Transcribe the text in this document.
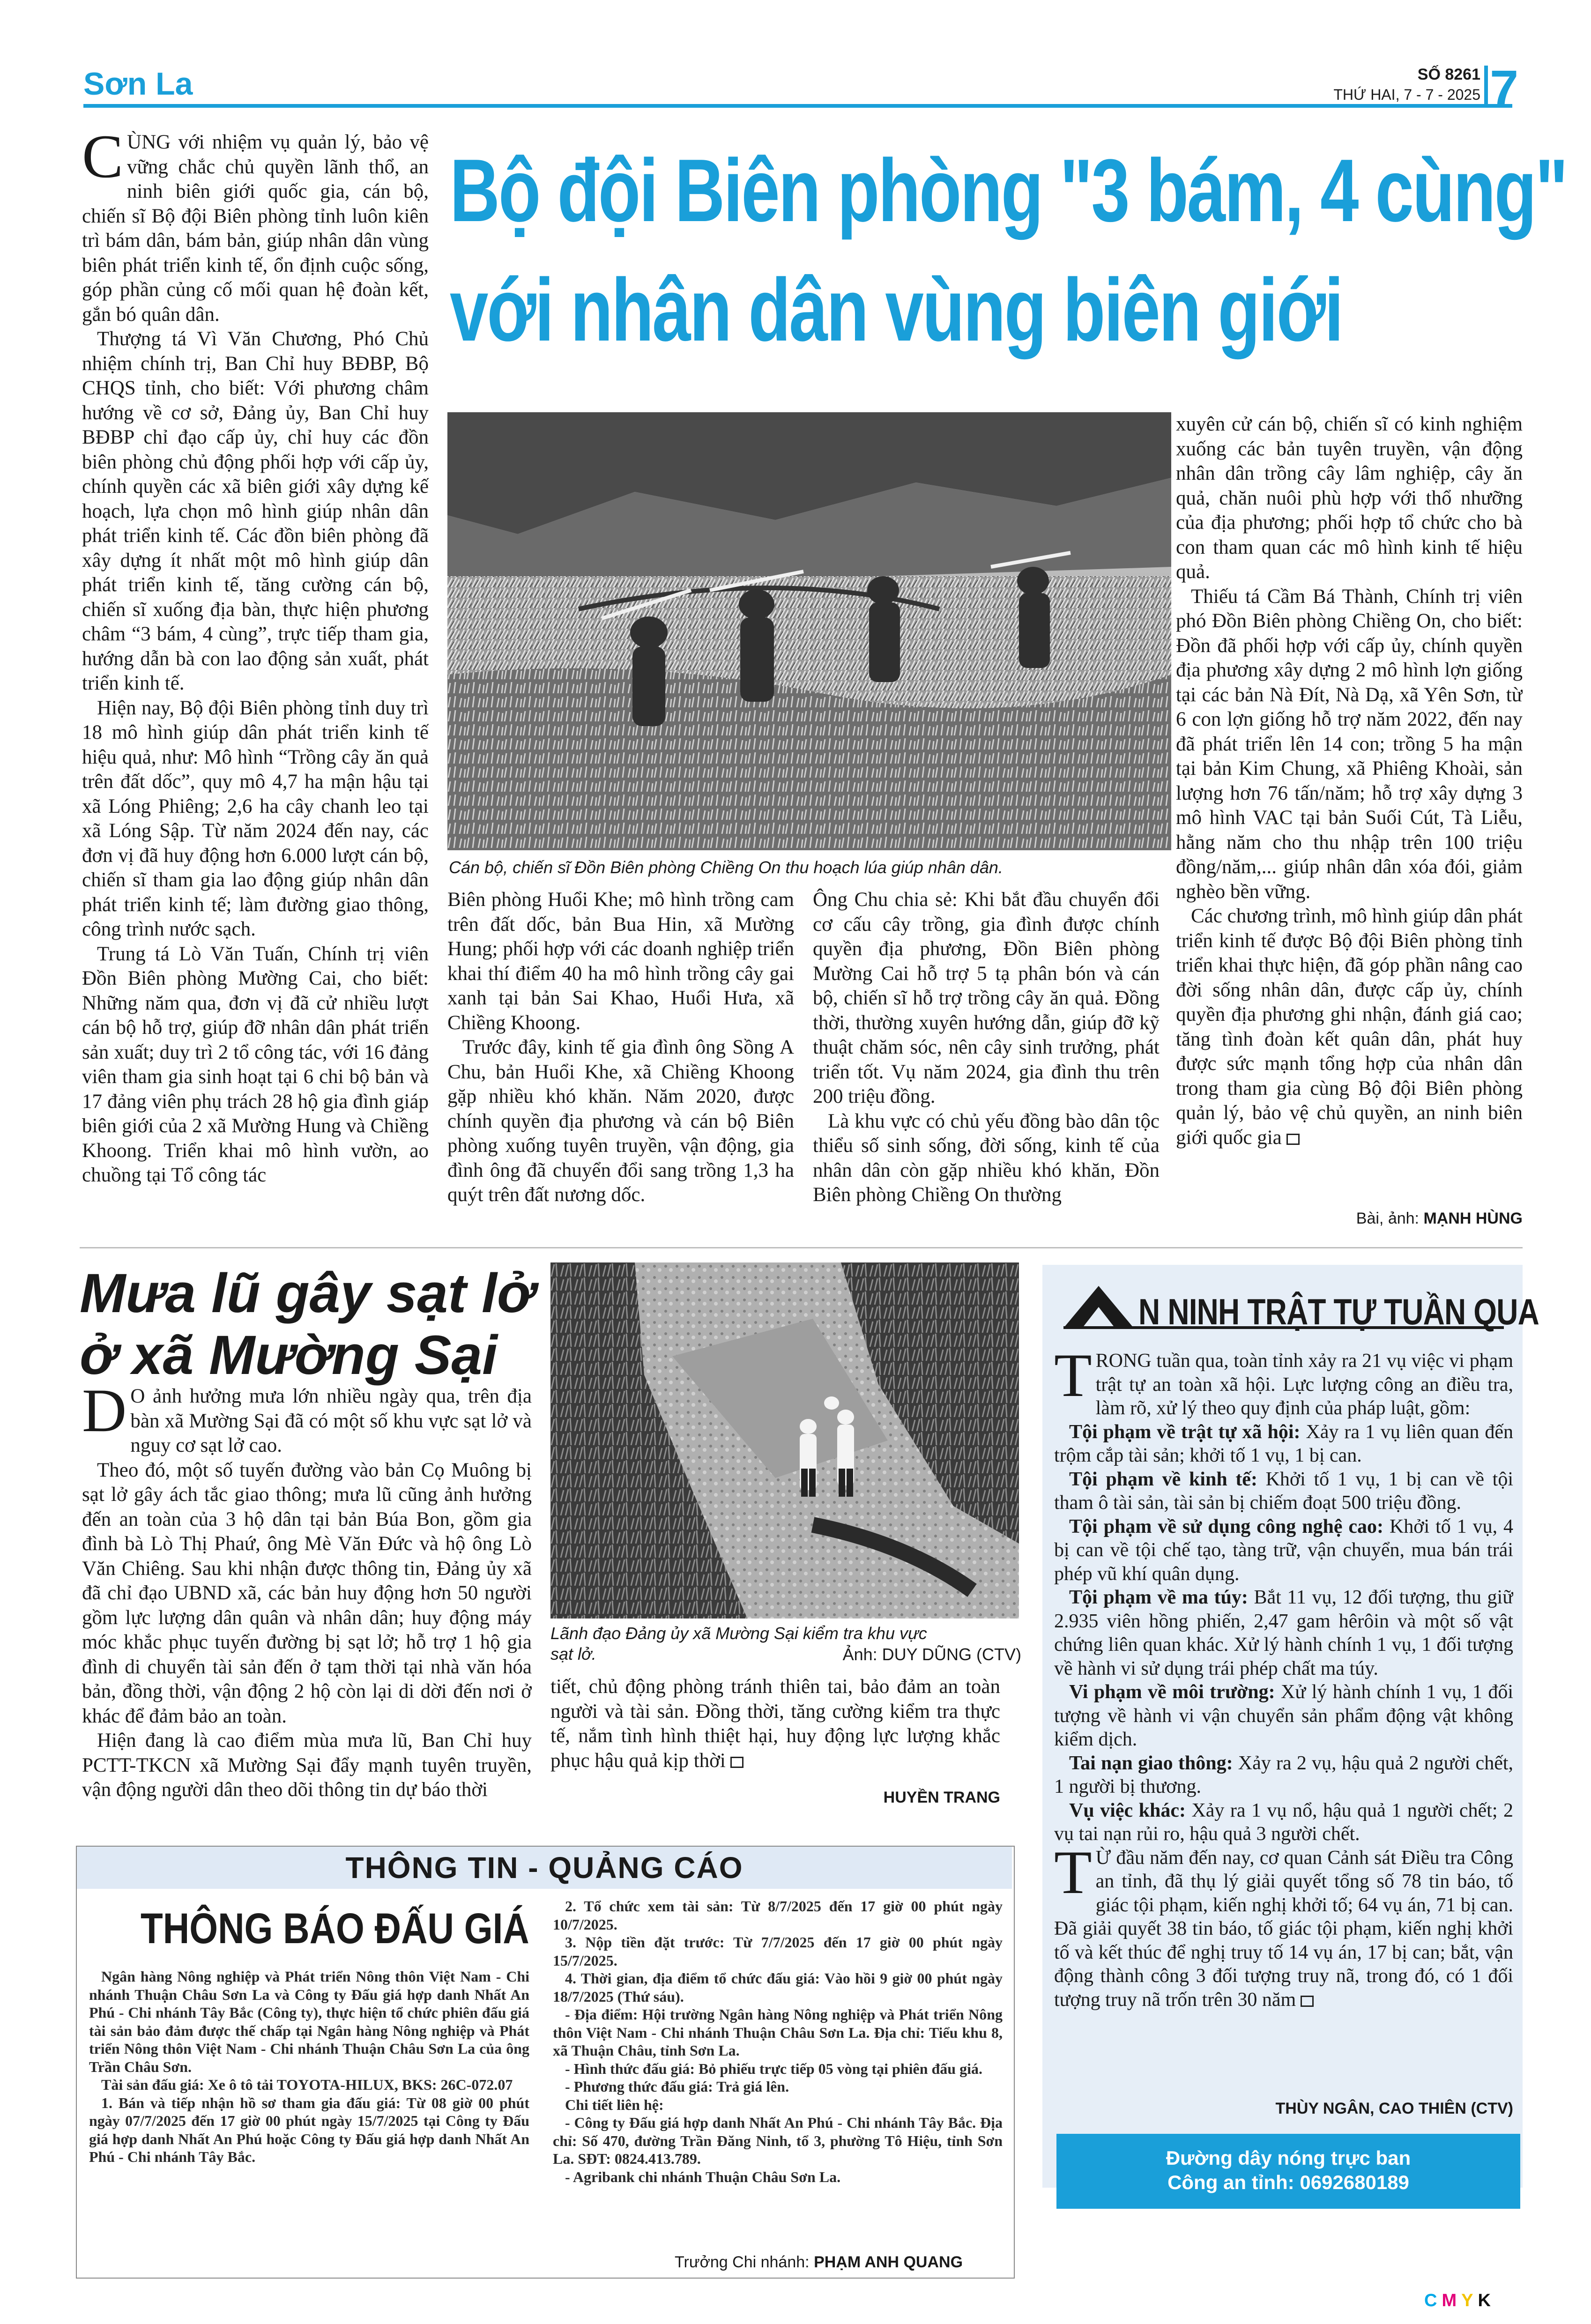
Sơn La	SỐ 8261
THỨ HAI, 7 - 7 - 2025 7
Bộ đội Biên phòng "3 bám, 4 cùng"
với nhân dân vùng biên giới

CÙNG với nhiệm vụ quản lý, bảo vệ vững chắc chủ quyền lãnh thổ, an ninh biên giới quốc gia, cán bộ, chiến sĩ Bộ đội Biên phòng tỉnh luôn kiên trì bám dân, bám bản, giúp nhân dân vùng biên phát triển kinh tế, ổn định cuộc sống, góp phần củng cố mối quan hệ đoàn kết, gắn bó quân dân.

Thượng tá Vì Văn Chương, Phó Chủ nhiệm chính trị, Ban Chỉ huy BĐBP, Bộ CHQS tỉnh, cho biết: Với phương châm hướng về cơ sở, Đảng ủy, Ban Chỉ huy BĐBP chỉ đạo cấp ủy, chỉ huy các đồn biên phòng chủ động phối hợp với cấp ủy, chính quyền các xã biên giới xây dựng kế hoạch, lựa chọn mô hình giúp nhân dân phát triển kinh tế. Các đồn biên phòng đã xây dựng ít nhất một mô hình giúp dân phát triển kinh tế, tăng cường cán bộ, chiến sĩ xuống địa bàn, thực hiện phương châm “3 bám, 4 cùng”, trực tiếp tham gia, hướng dẫn bà con lao động sản xuất, phát triển kinh tế.

Hiện nay, Bộ đội Biên phòng tỉnh duy trì 18 mô hình giúp dân phát triển kinh tế hiệu quả, như: Mô hình “Trồng cây ăn quả trên đất dốc”, quy mô 4,7 ha mận hậu tại xã Lóng Phiêng; 2,6 ha cây chanh leo tại xã Lóng Sập. Từ năm 2024 đến nay, các đơn vị đã huy động hơn 6.000 lượt cán bộ, chiến sĩ tham gia lao động giúp nhân dân phát triển kinh tế; làm đường giao thông, công trình nước sạch.

Trung tá Lò Văn Tuấn, Chính trị viên Đồn Biên phòng Mường Cai, cho biết: Những năm qua, đơn vị đã cử nhiều lượt cán bộ hỗ trợ, giúp đỡ nhân dân phát triển sản xuất; duy trì 2 tổ công tác, với 16 đảng viên tham gia sinh hoạt tại 6 chi bộ bản và 17 đảng viên phụ trách 28 hộ gia đình giáp biên giới của 2 xã Mường Hung và Chiềng Khoong. Triển khai mô hình vườn, ao chuồng tại Tổ công tác

Cán bộ, chiến sĩ Đồn Biên phòng Chiềng On thu hoạch lúa giúp nhân dân.

Biên phòng Huổi Khe; mô hình trồng cam trên đất dốc, bản Bua Hin, xã Mường Hung; phối hợp với các doanh nghiệp triển khai thí điểm 40 ha mô hình trồng cây gai xanh tại bản Sai Khao, Huổi Hưa, xã Chiềng Khoong.

Trước đây, kinh tế gia đình ông Sồng A Chu, bản Huổi Khe, xã Chiềng Khoong gặp nhiều khó khăn. Năm 2020, được chính quyền địa phương và cán bộ Biên phòng xuống tuyên truyền, vận động, gia đình ông đã chuyển đổi sang trồng 1,3 ha quýt trên đất nương dốc.

Ông Chu chia sẻ: Khi bắt đầu chuyển đổi cơ cấu cây trồng, gia đình được chính quyền địa phương, Đồn Biên phòng Mường Cai hỗ trợ 5 tạ phân bón và cán bộ, chiến sĩ hỗ trợ trồng cây ăn quả. Đồng thời, thường xuyên hướng dẫn, giúp đỡ kỹ thuật chăm sóc, nên cây sinh trưởng, phát triển tốt. Vụ năm 2024, gia đình thu trên 200 triệu đồng.

Là khu vực có chủ yếu đồng bào dân tộc thiểu số sinh sống, đời sống, kinh tế của nhân dân còn gặp nhiều khó khăn, Đồn Biên phòng Chiềng On thường

xuyên cử cán bộ, chiến sĩ có kinh nghiệm xuống các bản tuyên truyền, vận động nhân dân trồng cây lâm nghiệp, cây ăn quả, chăn nuôi phù hợp với thổ nhưỡng của địa phương; phối hợp tổ chức cho bà con tham quan các mô hình kinh tế hiệu quả.

Thiếu tá Cầm Bá Thành, Chính trị viên phó Đồn Biên phòng Chiềng On, cho biết: Đồn đã phối hợp với cấp ủy, chính quyền địa phương xây dựng 2 mô hình lợn giống tại các bản Nà Đít, Nà Dạ, xã Yên Sơn, từ 6 con lợn giống hỗ trợ năm 2022, đến nay đã phát triển lên 14 con; trồng 5 ha mận tại bản Kim Chung, xã Phiêng Khoài, sản lượng hơn 76 tấn/năm; hỗ trợ xây dựng 3 mô hình VAC tại bản Suối Cút, Tà Liễu, hằng năm cho thu nhập trên 100 triệu đồng/năm,... giúp nhân dân xóa đói, giảm nghèo bền vững.

Các chương trình, mô hình giúp dân phát triển kinh tế được Bộ đội Biên phòng tỉnh triển khai thực hiện, đã góp phần nâng cao đời sống nhân dân, được cấp ủy, chính quyền địa phương ghi nhận, đánh giá cao; tăng tình đoàn kết quân dân, phát huy được sức mạnh tổng hợp của nhân dân trong tham gia cùng Bộ đội Biên phòng quản lý, bảo vệ chủ quyền, an ninh biên giới quốc gia

Bài, ảnh: MẠNH HÙNG
Mưa lũ gây sạt lở
ở xã Mường Sại

D O ảnh hưởng mưa lớn nhiều ngày qua, trên địa bàn xã Mường Sại đã có một số khu vực sạt lở và nguy cơ sạt lở cao.

Theo đó, một số tuyến đường vào bản Cọ Muông bị sạt lở gây ách tắc giao thông; mưa lũ cũng ảnh hưởng đến an toàn của 3 hộ dân tại bản Búa Bon, gồm gia đình bà Lò Thị Phaứ, ông Mè Văn Đức và hộ ông Lò Văn Chiêng. Sau khi nhận được thông tin, Đảng ủy xã đã chỉ đạo UBND xã, các bản huy động hơn 50 người gồm lực lượng dân quân và nhân dân; huy động máy móc khắc phục tuyến đường bị sạt lở; hỗ trợ 1 hộ gia đình di chuyển tài sản đến ở tạm thời tại nhà văn hóa bản, đồng thời, vận động 2 hộ còn lại di dời đến nơi ở khác để đảm bảo an toàn.

Hiện đang là cao điểm mùa mưa lũ, Ban Chỉ huy PCTT-TKCN xã Mường Sại đẩy mạnh tuyên truyền, vận động người dân theo dõi thông tin dự báo thời

Lãnh đạo Đảng ủy xã Mường Sại kiểm tra khu vực sạt lở.	Ảnh: DUY DŨNG (CTV)

tiết, chủ động phòng tránh thiên tai, bảo đảm an toàn người và tài sản. Đồng thời, tăng cường kiểm tra thực tế, nắm tình hình thiệt hại, huy động lực lượng khắc phục hậu quả kịp thời

HUYỀN TRANG
N NINH TRẬT TỰ TUẦN QUA

TRONG tuần qua, toàn tỉnh xảy ra 21 vụ việc vi phạm trật tự an toàn xã hội. Lực lượng công an điều tra, làm rõ, xử lý theo quy định của pháp luật, gồm:

Tội phạm về trật tự xã hội: Xảy ra 1 vụ liên quan đến trộm cắp tài sản; khởi tố 1 vụ, 1 bị can.

Tội phạm về kinh tế: Khởi tố 1 vụ, 1 bị can về tội tham ô tài sản, tài sản bị chiếm đoạt 500 triệu đồng.

Tội phạm về sử dụng công nghệ cao: Khởi tố 1 vụ, 4 bị can về tội chế tạo, tàng trữ, vận chuyển, mua bán trái phép vũ khí quân dụng.

Tội phạm về ma túy: Bắt 11 vụ, 12 đối tượng, thu giữ 2.935 viên hồng phiến, 2,47 gam hêrôin và một số vật chứng liên quan khác. Xử lý hành chính 1 vụ, 1 đối tượng về hành vi sử dụng trái phép chất ma túy.

Vi phạm về môi trường: Xử lý hành chính 1 vụ, 1 đối tượng về hành vi vận chuyển sản phẩm động vật không kiểm dịch.

Tai nạn giao thông: Xảy ra 2 vụ, hậu quả 2 người chết, 1 người bị thương.

Vụ việc khác: Xảy ra 1 vụ nổ, hậu quả 1 người chết; 2 vụ tai nạn rủi ro, hậu quả 3 người chết.

T Ừ đầu năm đến nay, cơ quan Cảnh sát Điều tra Công an tỉnh, đã thụ lý giải quyết tổng số 78 tin báo, tố giác tội phạm, kiến nghị khởi tố; 64 vụ án, 71 bị can. Đã giải quyết 38 tin báo, tố giác tội phạm, kiến nghị khởi tố và kết thúc để nghị truy tố 14 vụ án, 17 bị can; bắt, vận động thành công 3 đối tượng truy nã, trong đó, có 1 đối tượng truy nã trốn trên 30 năm

THÙY NGÂN, CAO THIÊN (CTV)
Đường dây nóng trực ban
Công an tỉnh: 0692680189
THÔNG TIN - QUẢNG CÁO
THÔNG BÁO ĐẤU GIÁ

Ngân hàng Nông nghiệp và Phát triển Nông thôn Việt Nam - Chi nhánh Thuận Châu Sơn La và Công ty Đấu giá hợp danh Nhất An Phú - Chi nhánh Tây Bắc (Công ty), thực hiện tổ chức phiên đấu giá tài sản bảo đảm được thế chấp tại Ngân hàng Nông nghiệp và Phát triển Nông thôn Việt Nam - Chi nhánh Thuận Châu Sơn La của ông Trần Châu Sơn.

Tài sản đấu giá: Xe ô tô tải TOYOTA-HILUX, BKS: 26C-072.07

1. Bán và tiếp nhận hồ sơ tham gia đấu giá: Từ 08 giờ 00 phút ngày 07/7/2025 đến 17 giờ 00 phút ngày 15/7/2025 tại Công ty Đấu giá hợp danh Nhất An Phú hoặc Công ty Đấu giá hợp danh Nhất An Phú - Chi nhánh Tây Bắc.

2. Tổ chức xem tài sản: Từ 8/7/2025 đến 17 giờ 00 phút ngày 10/7/2025.

3. Nộp tiền đặt trước: Từ 7/7/2025 đến 17 giờ 00 phút ngày 15/7/2025.

4. Thời gian, địa điểm tổ chức đấu giá: Vào hồi 9 giờ 00 phút ngày 18/7/2025 (Thứ sáu).

- Địa điểm: Hội trường Ngân hàng Nông nghiệp và Phát triển Nông thôn Việt Nam - Chi nhánh Thuận Châu Sơn La. Địa chỉ: Tiểu khu 8, xã Thuận Châu, tỉnh Sơn La.

- Hình thức đấu giá: Bỏ phiếu trực tiếp 05 vòng tại phiên đấu giá.

- Phương thức đấu giá: Trả giá lên.

Chi tiết liên hệ:

- Công ty Đấu giá hợp danh Nhất An Phú - Chi nhánh Tây Bắc. Địa chỉ: Số 470, đường Trần Đăng Ninh, tổ 3, phường Tô Hiệu, tỉnh Sơn La. SĐT: 0824.413.789.

- Agribank chi nhánh Thuận Châu Sơn La.

Trưởng Chi nhánh: PHẠM ANH QUANG
CMYK
